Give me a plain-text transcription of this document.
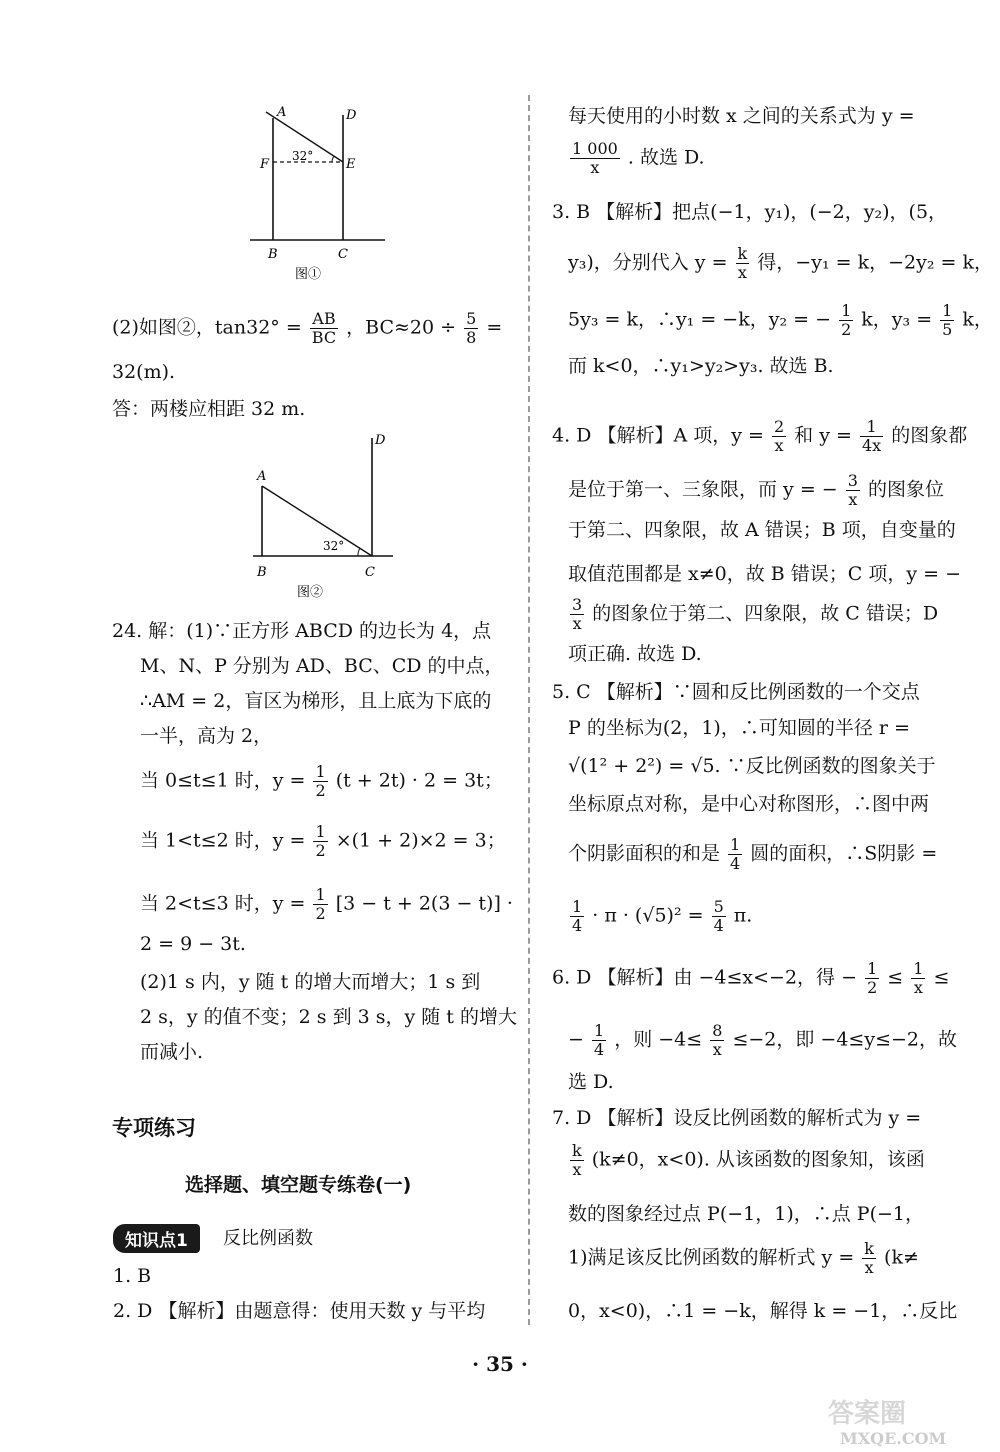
A	D
F	E
32°
B	C
图①
(2)如图②，$\tan 32^\circ = \frac{AB}{BC}$ ，$BC\approx 20 \div \frac{5}{8}$ =
32(m).
答：两楼应相距 32 m.
A
D
32°
B	C
图②
24. 解：(1)∵正方形 ABCD 的边长为 4，点
M、N、P 分别为 AD、BC、CD 的中点，
∴AM = 2，盲区为梯形，且上底为下底的
一半，高为 2，
当 0≤t≤1 时，$y = \frac{1}{2} (t + 2t) \cdot 2 = 3t$；
当 1<t≤2 时，$y = \frac{1}{2} \times(1 + 2)\times 2 = 3$；
当 2<t≤3 时，$y = \frac{1}{2} [3 - t + 2(3 - t)]$ ·
2 = 9 − 3t.
(2)1 s 内，y 随 t 的增大而增大；1 s 到
2 s，y 的值不变；2 s 到 3 s，y 随 t 的增大
而减小.
专项练习
选择题、填空题专练卷(一)
知识点1	反比例函数
1. B
2. D 【解析】由题意得：使用天数 y 与平均
每天使用的小时数 x 之间的关系式为 y =
$\frac{1 000}{x}$ . 故选 D.
3. B 【解析】把点(−1，y₁)，(−2，y₂)，(5，
y₃)，分别代入 $y = \frac{k}{x}$ 得，−y₁ = k，−2y₂ = k，
5y₃ = k，∴y₁ = −k，y₂ = − $\frac{1}{2}$ k，$y_3 = \frac{1}{5}$ k，
而 k<0，∴y₁>y₂>y₃. 故选 B.
4. D 【解析】A 项，$y = \frac{2}{x}$ 和 $y = \frac{1}{4x}$ 的图象都
是位于第一、三象限，而 y = − $\frac{3}{x}$ 的图象位
于第二、四象限，故 A 错误；B 项，自变量的
取值范围都是 x≠0，故 B 错误；C 项，y = −
$\frac{3}{x}$ 的图象位于第二、四象限，故 C 错误；D
项正确. 故选 D.
5. C 【解析】∵圆和反比例函数的一个交点
P 的坐标为(2，1)，∴可知圆的半径 r =
√(1² + 2²) = √5. ∵反比例函数的图象关于
坐标原点对称，是中心对称图形，∴图中两
个阴影面积的和是 $\frac{1}{4}$ 圆的面积，∴S阴影 =
$\frac{1}{4} \cdot \pi \cdot (√5)^2 = \frac{5}{4} \pi$.
6. D 【解析】由 −4≤x<−2，得 − $\frac{1}{2} \le \frac{1}{x}$ ≤
− $\frac{1}{4}$ ，则 $-4\le \frac{8}{x} \le-2$，即 −4≤y≤−2，故
选 D.
7. D 【解析】设反比例函数的解析式为 y =
$\frac{k}{x} (k\ne 0$，x<0). 从该函数的图象知，该函
数的图象经过点 P(−1，1)，∴点 P(−1，
1)满足该反比例函数的解析式 $y = \frac{k}{x} (k\ne$
0，x<0)，∴1 = −k，解得 k = −1，∴反比
· 35 ·
答案圈
MXQE.COM
